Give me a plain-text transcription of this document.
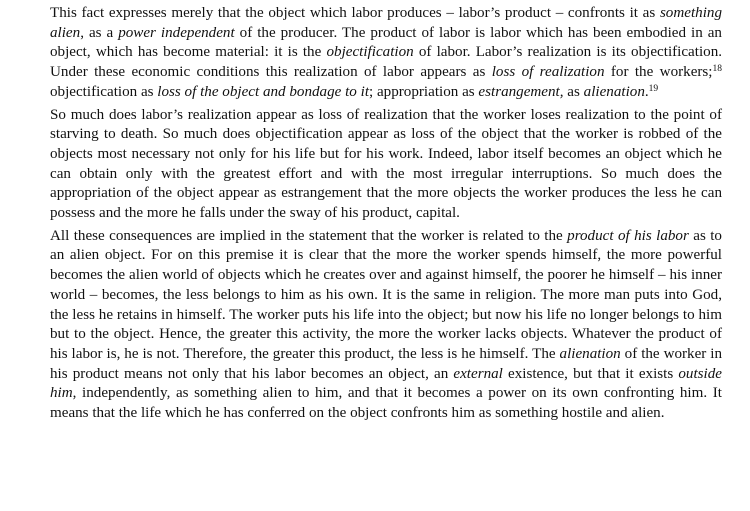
This fact expresses merely that the object which labor produces – labor’s product – confronts it as something alien, as a power independent of the producer. The product of labor is labor which has been embodied in an object, which has become material: it is the objectification of labor. Labor’s realization is its objectification. Under these economic conditions this realization of labor appears as loss of realization for the workers;$^{18}$ objectification as loss of the object and bondage to it; appropriation as estrangement, as alienation.$^{19}$

So much does labor’s realization appear as loss of realization that the worker loses realization to the point of starving to death. So much does objectification appear as loss of the object that the worker is robbed of the objects most necessary not only for his life but for his work. Indeed, labor itself becomes an object which he can obtain only with the greatest effort and with the most irregular interruptions. So much does the appropriation of the object appear as estrangement that the more objects the worker produces the less he can possess and the more he falls under the sway of his product, capital.

All these consequences are implied in the statement that the worker is related to the product of his labor as to an alien object. For on this premise it is clear that the more the worker spends himself, the more powerful becomes the alien world of objects which he creates over and against himself, the poorer he himself – his inner world – becomes, the less belongs to him as his own. It is the same in religion. The more man puts into God, the less he retains in himself. The worker puts his life into the object; but now his life no longer belongs to him but to the object. Hence, the greater this activity, the more the worker lacks objects. Whatever the product of his labor is, he is not. Therefore, the greater this product, the less is he himself. The alienation of the worker in his product means not only that his labor becomes an object, an external existence, but that it exists outside him, independently, as something alien to him, and that it becomes a power on its own confronting him. It means that the life which he has conferred on the object confronts him as something hostile and alien.
